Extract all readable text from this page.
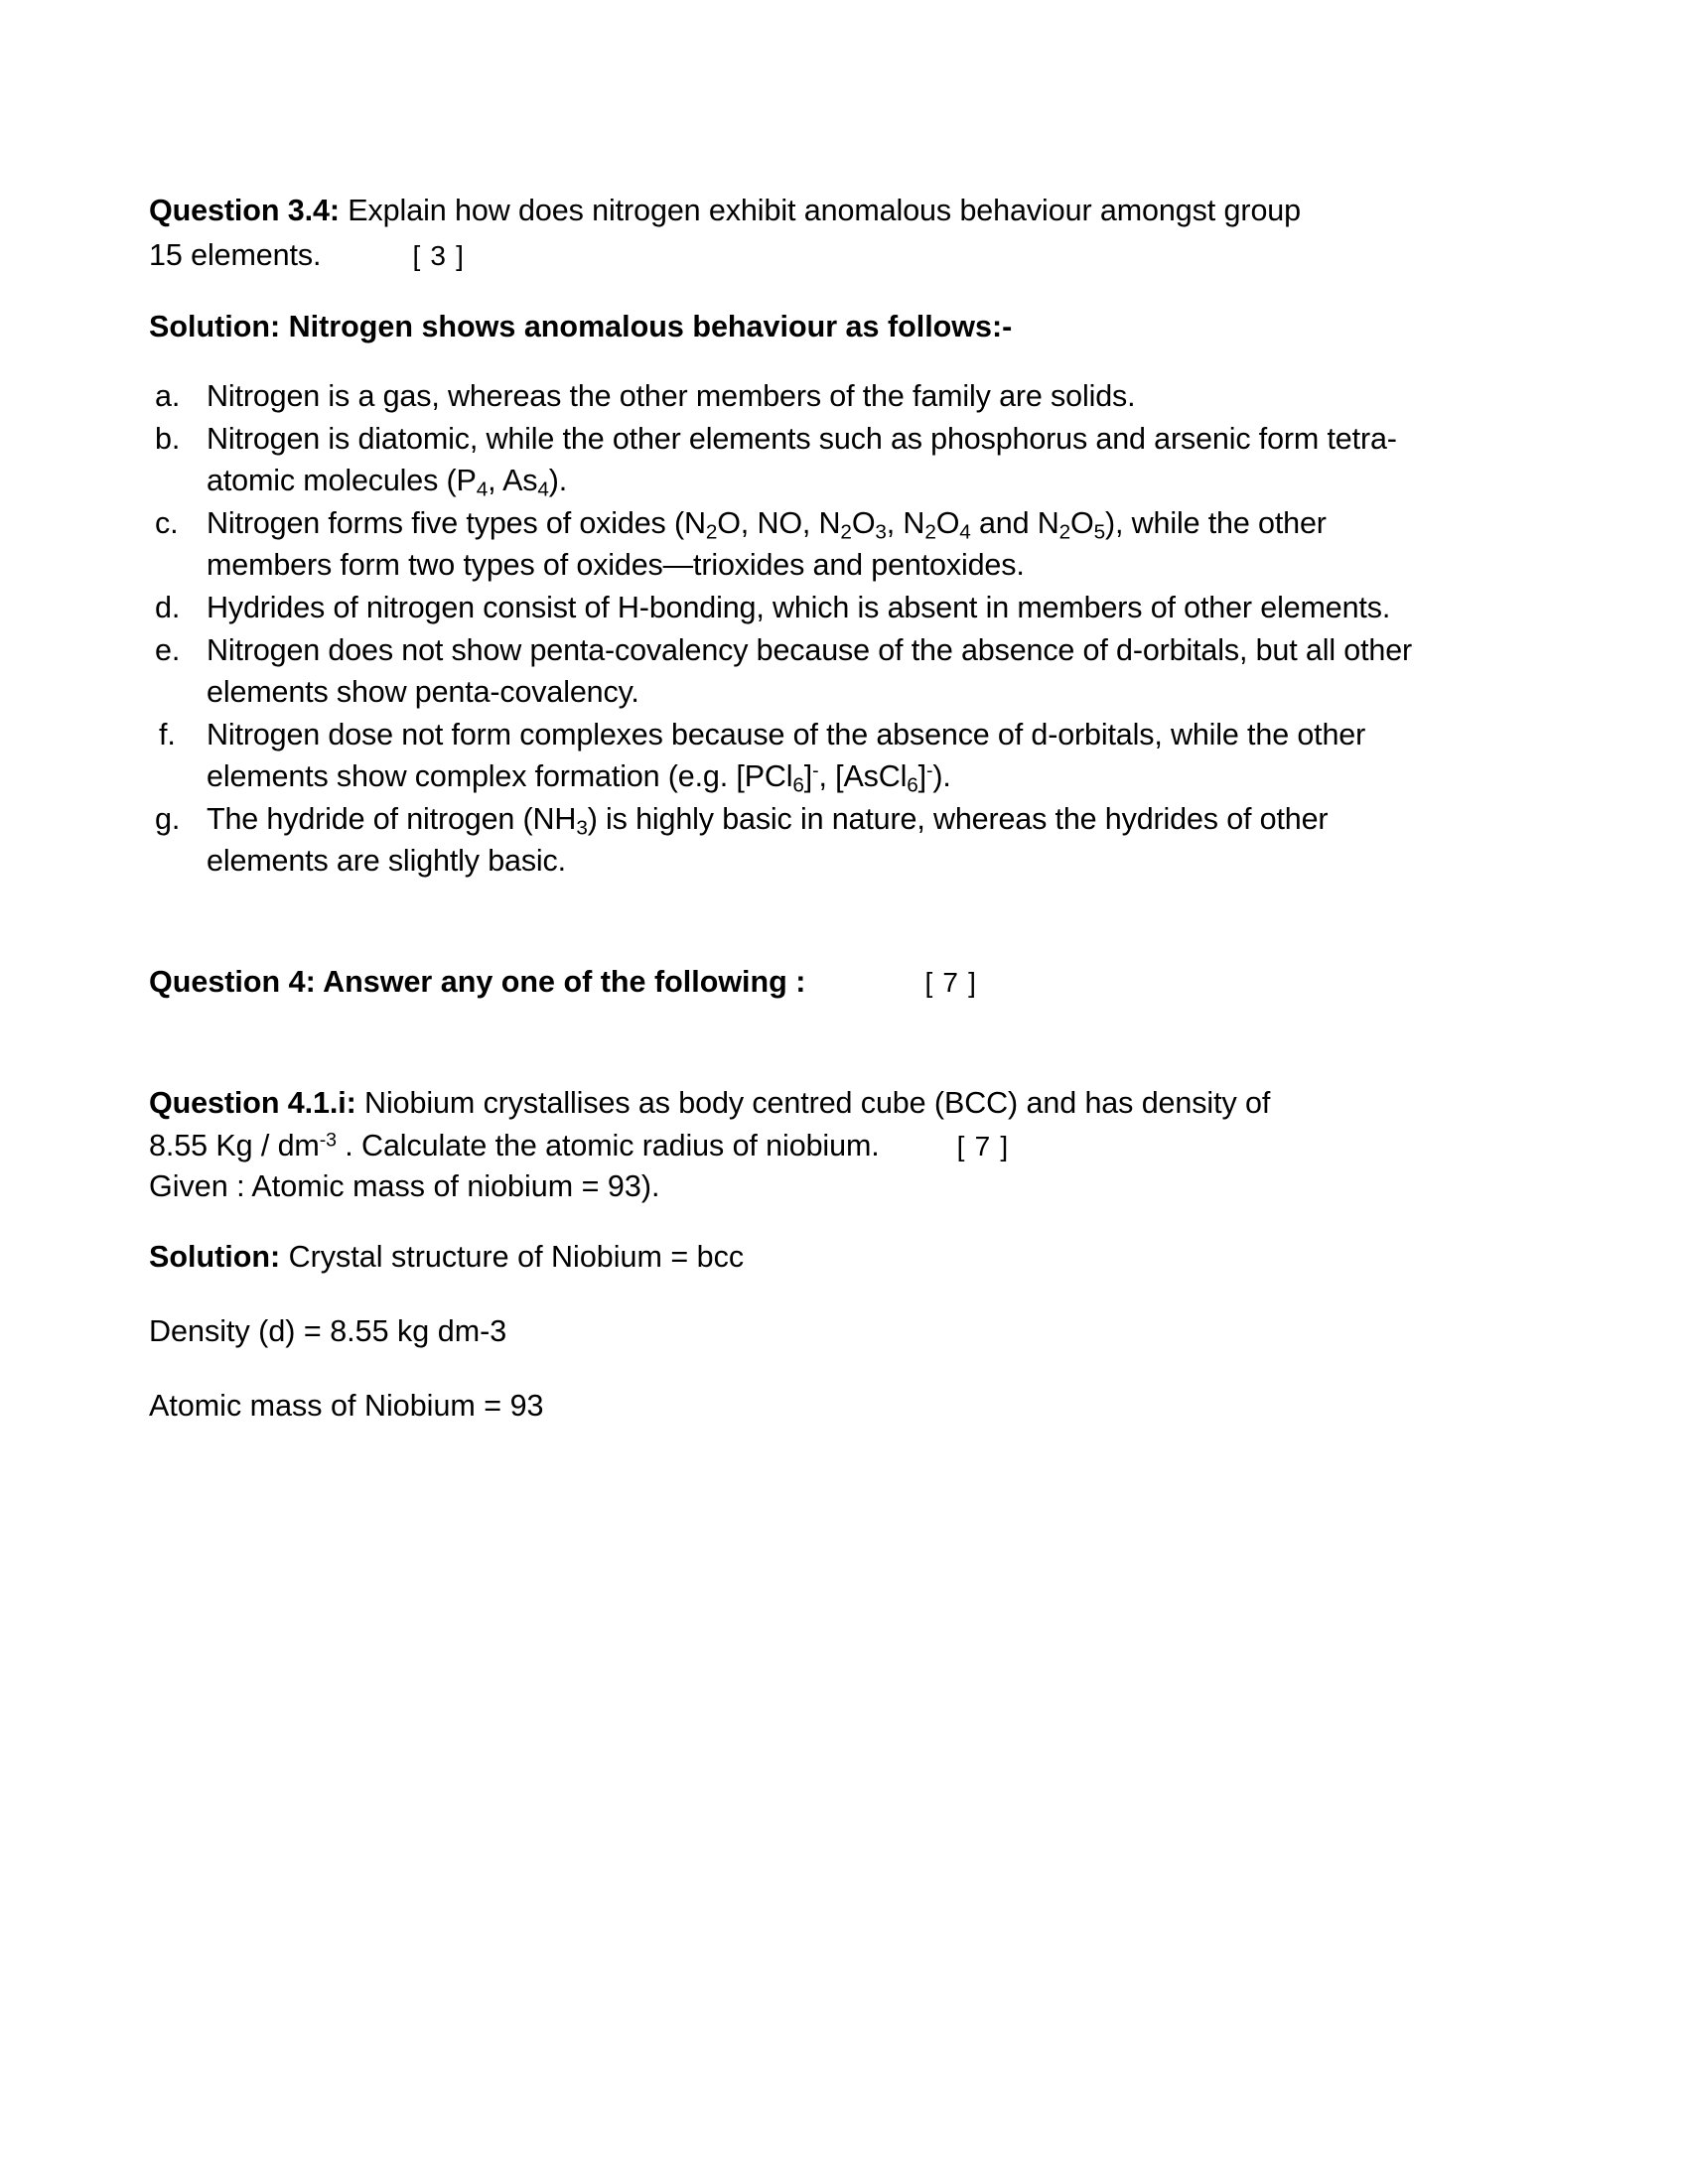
Question 3.4: Explain how does nitrogen exhibit anomalous behaviour amongst group

15 elements.	[ 3 ]

Solution: Nitrogen shows anomalous behaviour as follows:-

a. Nitrogen is a gas, whereas the other members of the family are solids.
b. Nitrogen is diatomic, while the other elements such as phosphorus and arsenic form tetra-atomic molecules ($P_4$, $As_4$).
c. Nitrogen forms five types of oxides ($N_2O$, NO, $N_2O_3$, $N_2O_4$ and $N_2O_5$), while the other members form two types of oxides—trioxides and pentoxides.
d. Hydrides of nitrogen consist of H-bonding, which is absent in members of other elements.
e. Nitrogen does not show penta-covalency because of the absence of d-orbitals, but all other elements show penta-covalency.
f.	Nitrogen dose not form complexes because of the absence of d-orbitals, while the other elements show complex formation (e.g. [PCl$_6$]-, [AsCl$_6$]-).
g. The hydride of nitrogen $(NH_3)$ is highly basic in nature, whereas the hydrides of other elements are slightly basic.

Question 4: Answer any one of the following :	[ 7 ]

Question 4.1.i: Niobium crystallises as body centred cube (BCC) and has density of

8.55 Kg / $dm^{-3}$ . Calculate the atomic radius of niobium.	[ 7 ]

Given : Atomic mass of niobium = 93).

Solution: Crystal structure of Niobium = bcc

Density (d) = 8.55 kg dm-3

Atomic mass of Niobium = 93
